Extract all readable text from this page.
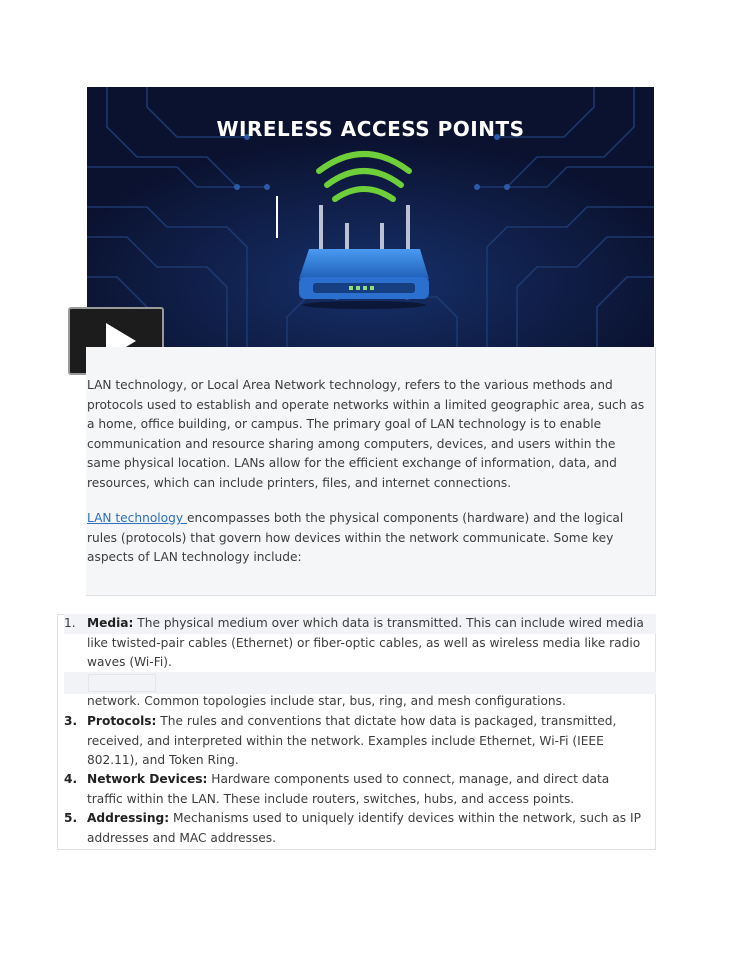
WIRELESS ACCESS POINTS

LAN technology, or Local Area Network technology, refers to the various methods and protocols used to establish and operate networks within a limited geographic area, such as a home, office building, or campus. The primary goal of LAN technology is to enable communication and resource sharing among computers, devices, and users within the same physical location. LANs allow for the efficient exchange of information, data, and resources, which can include printers, files, and internet connections.

LAN technology encompasses both the physical components (hardware) and the logical rules (protocols) that govern how devices within the network communicate. Some key aspects of LAN technology include:

1. Media: The physical medium over which data is transmitted. This can include wired media like twisted-pair cables (Ethernet) or fiber-optic cables, as well as wireless media like radio waves (Wi-Fi).
network. Common topologies include star, bus, ring, and mesh configurations.
3. Protocols: The rules and conventions that dictate how data is packaged, transmitted, received, and interpreted within the network. Examples include Ethernet, Wi-Fi (IEEE 802.11), and Token Ring.
4. Network Devices: Hardware components used to connect, manage, and direct data traffic within the LAN. These include routers, switches, hubs, and access points.
5. Addressing: Mechanisms used to uniquely identify devices within the network, such as IP addresses and MAC addresses.
